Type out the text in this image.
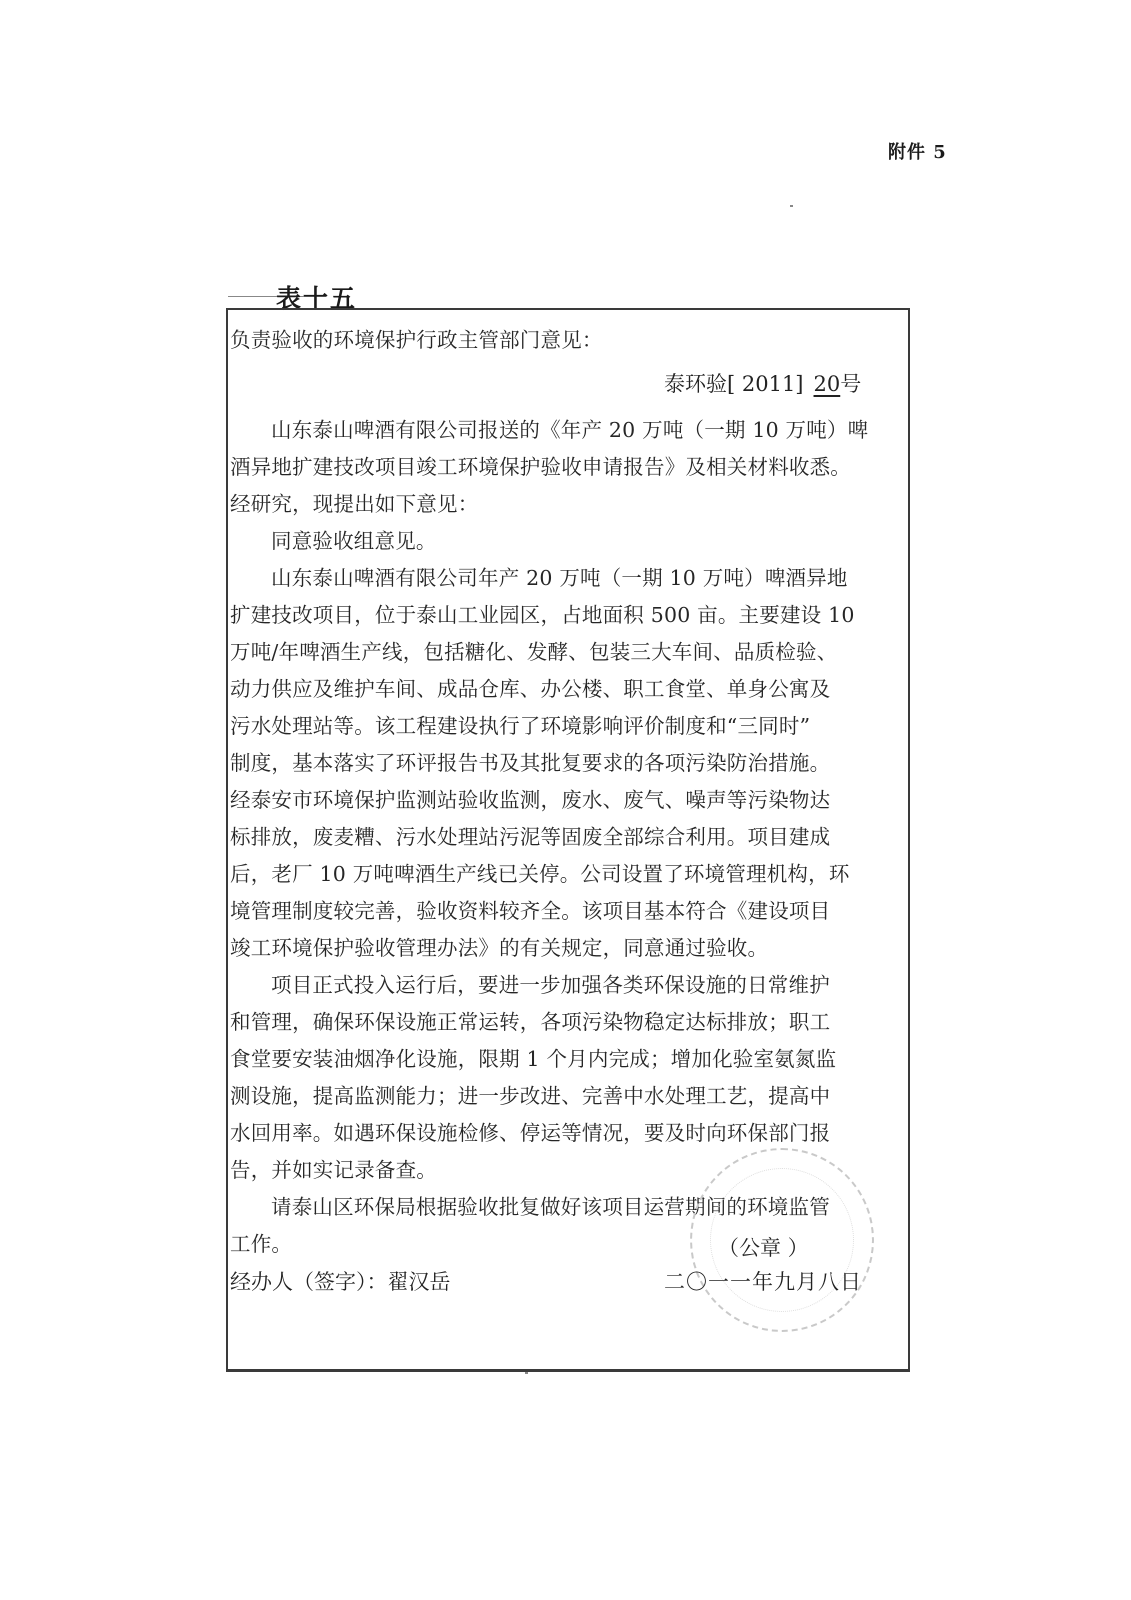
附件 5
表十五
负责验收的环境保护行政主管部门意见：
泰环验[ 2011] 20号
山东泰山啤酒有限公司报送的《年产 20 万吨（一期 10 万吨）啤
酒异地扩建技改项目竣工环境保护验收申请报告》及相关材料收悉。
经研究，现提出如下意见：
同意验收组意见。
山东泰山啤酒有限公司年产 20 万吨（一期 10 万吨）啤酒异地
扩建技改项目，位于泰山工业园区，占地面积 500 亩。主要建设 10
万吨/年啤酒生产线，包括糖化、发酵、包装三大车间、品质检验、
动力供应及维护车间、成品仓库、办公楼、职工食堂、单身公寓及
污水处理站等。该工程建设执行了环境影响评价制度和“三同时”
制度，基本落实了环评报告书及其批复要求的各项污染防治措施。
经泰安市环境保护监测站验收监测，废水、废气、噪声等污染物达
标排放，废麦糟、污水处理站污泥等固废全部综合利用。项目建成
后，老厂 10 万吨啤酒生产线已关停。公司设置了环境管理机构，环
境管理制度较完善，验收资料较齐全。该项目基本符合《建设项目
竣工环境保护验收管理办法》的有关规定，同意通过验收。
项目正式投入运行后，要进一步加强各类环保设施的日常维护
和管理，确保环保设施正常运转，各项污染物稳定达标排放；职工
食堂要安装油烟净化设施，限期 1 个月内完成；增加化验室氨氮监
测设施，提高监测能力；进一步改进、完善中水处理工艺，提高中
水回用率。如遇环保设施检修、停运等情况，要及时向环保部门报
告，并如实记录备查。
请泰山区环保局根据验收批复做好该项目运营期间的环境监管
工作。	（公章 ）
经办人（签字）：翟汉岳	二〇一一年九月八日
